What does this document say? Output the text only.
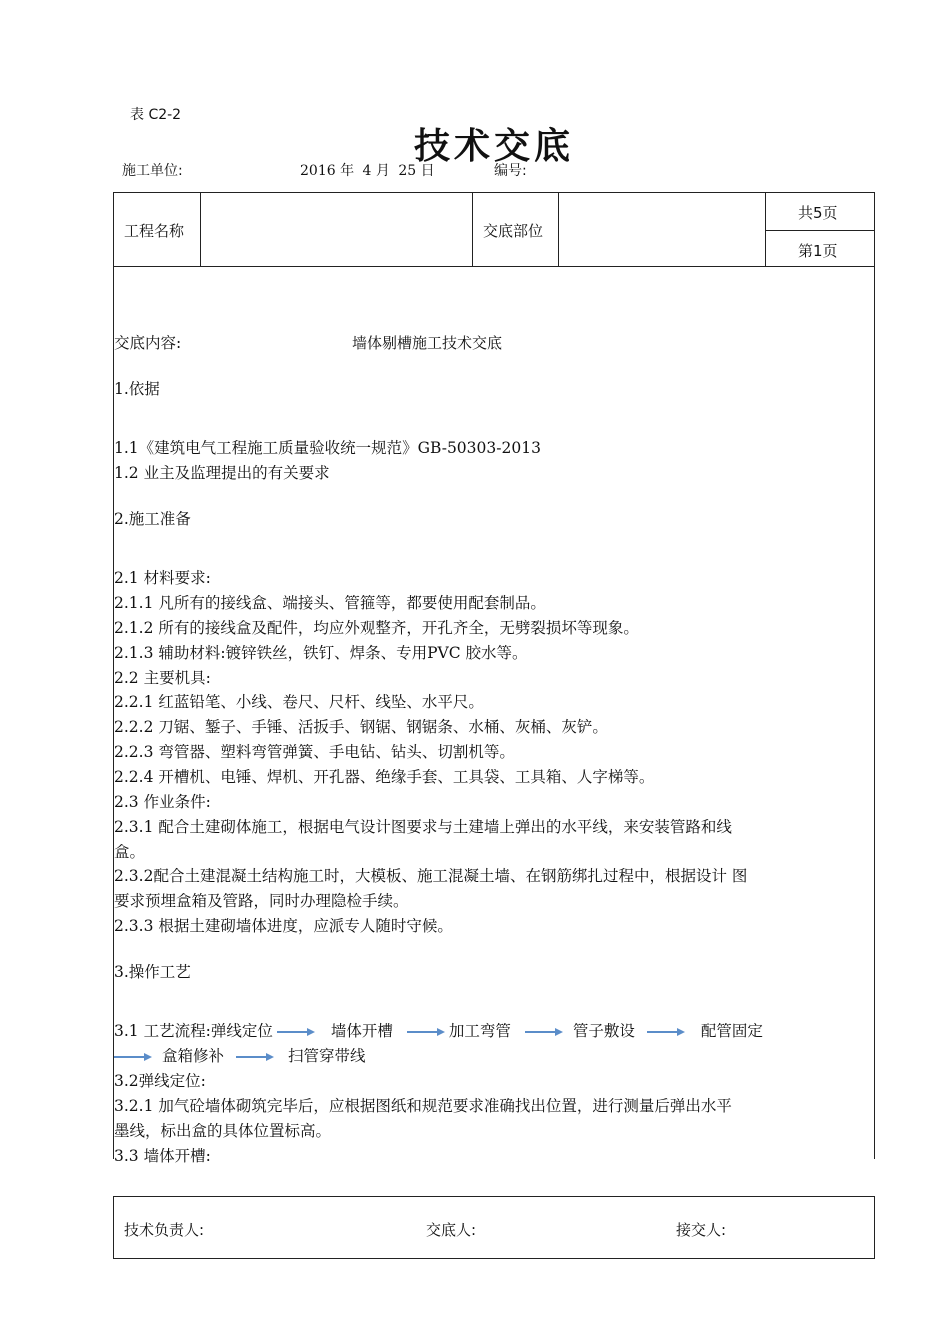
表 C2-2
技术交底
施工单位:	2016 年 4 月 25 日	编号:
工程名称	交底部位
共5页
第1页
交底内容:	墙体剔槽施工技术交底
1.依据
1.1《建筑电气工程施工质量验收统一规范》GB-50303-2013
1.2 业主及监理提出的有关要求
2.施工准备
2.1 材料要求:
2.1.1 凡所有的接线盒、端接头、管箍等，都要使用配套制品。
2.1.2 所有的接线盒及配件，均应外观整齐，开孔齐全，无劈裂损坏等现象。
2.1.3 辅助材料:镀锌铁丝，铁钉、焊条、专用PVC 胶水等。
2.2 主要机具:
2.2.1 红蓝铅笔、小线、卷尺、尺杆、线坠、水平尺。
2.2.2 刀锯、錾子、手锤、活扳手、钢锯、钢锯条、水桶、灰桶、灰铲。
2.2.3 弯管器、塑料弯管弹簧、手电钻、钻头、切割机等。
2.2.4 开槽机、电锤、焊机、开孔器、绝缘手套、工具袋、工具箱、人字梯等。
2.3 作业条件:
2.3.1 配合土建砌体施工，根据电气设计图要求与土建墙上弹出的水平线，来安装管路和线
盒。
2.3.2配合土建混凝土结构施工时，大模板、施工混凝土墙、在钢筋绑扎过程中，根据设计 图
要求预埋盒箱及管路，同时办理隐检手续。
2.3.3 根据土建砌墙体进度，应派专人随时守候。
3.操作工艺
3.1 工艺流程:弹线定位	墙体开槽	加工弯管	管子敷设	配管固定
盒箱修补	扫管穿带线
3.2弹线定位:
3.2.1 加气砼墙体砌筑完毕后，应根据图纸和规范要求准确找出位置，进行测量后弹出水平
墨线，标出盒的具体位置标高。
3.3 墙体开槽:
技术负责人:	交底人:	接交人:
